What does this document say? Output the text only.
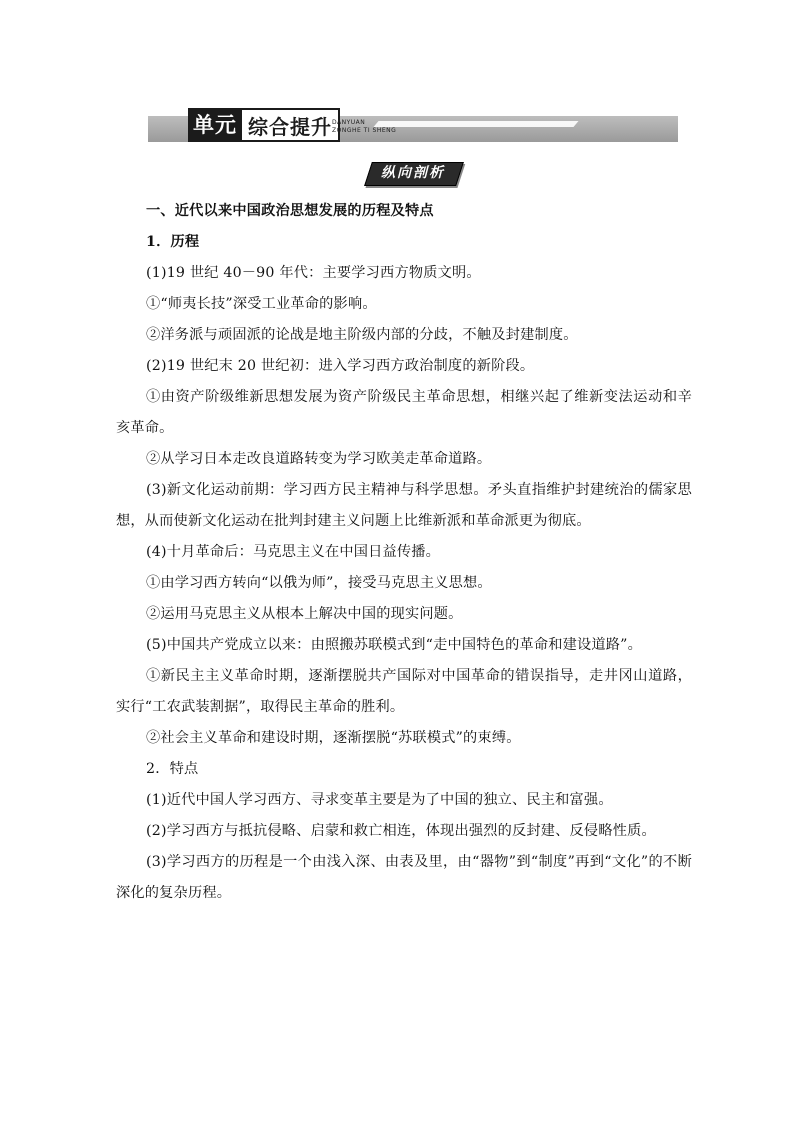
单元 综合提升 DANYUAN
ZONGHE TI SHENG
纵向剖析

一、近代以来中国政治思想发展的历程及特点

1．历程

(1)19 世纪 40－90 年代：主要学习西方物质文明。

①“师夷长技”深受工业革命的影响。

②洋务派与顽固派的论战是地主阶级内部的分歧，不触及封建制度。

(2)19 世纪末 20 世纪初：进入学习西方政治制度的新阶段。

①由资产阶级维新思想发展为资产阶级民主革命思想，相继兴起了维新变法运动和辛亥革命。

②从学习日本走改良道路转变为学习欧美走革命道路。

(3)新文化运动前期：学习西方民主精神与科学思想。矛头直指维护封建统治的儒家思想，从而使新文化运动在批判封建主义问题上比维新派和革命派更为彻底。

(4)十月革命后：马克思主义在中国日益传播。

①由学习西方转向“以俄为师”，接受马克思主义思想。

②运用马克思主义从根本上解决中国的现实问题。

(5)中国共产党成立以来：由照搬苏联模式到“走中国特色的革命和建设道路”。

①新民主主义革命时期，逐渐摆脱共产国际对中国革命的错误指导，走井冈山道路，实行“工农武装割据”，取得民主革命的胜利。

②社会主义革命和建设时期，逐渐摆脱“苏联模式”的束缚。

2．特点

(1)近代中国人学习西方、寻求变革主要是为了中国的独立、民主和富强。

(2)学习西方与抵抗侵略、启蒙和救亡相连，体现出强烈的反封建、反侵略性质。

(3)学习西方的历程是一个由浅入深、由表及里，由“器物”到“制度”再到“文化”的不断深化的复杂历程。
